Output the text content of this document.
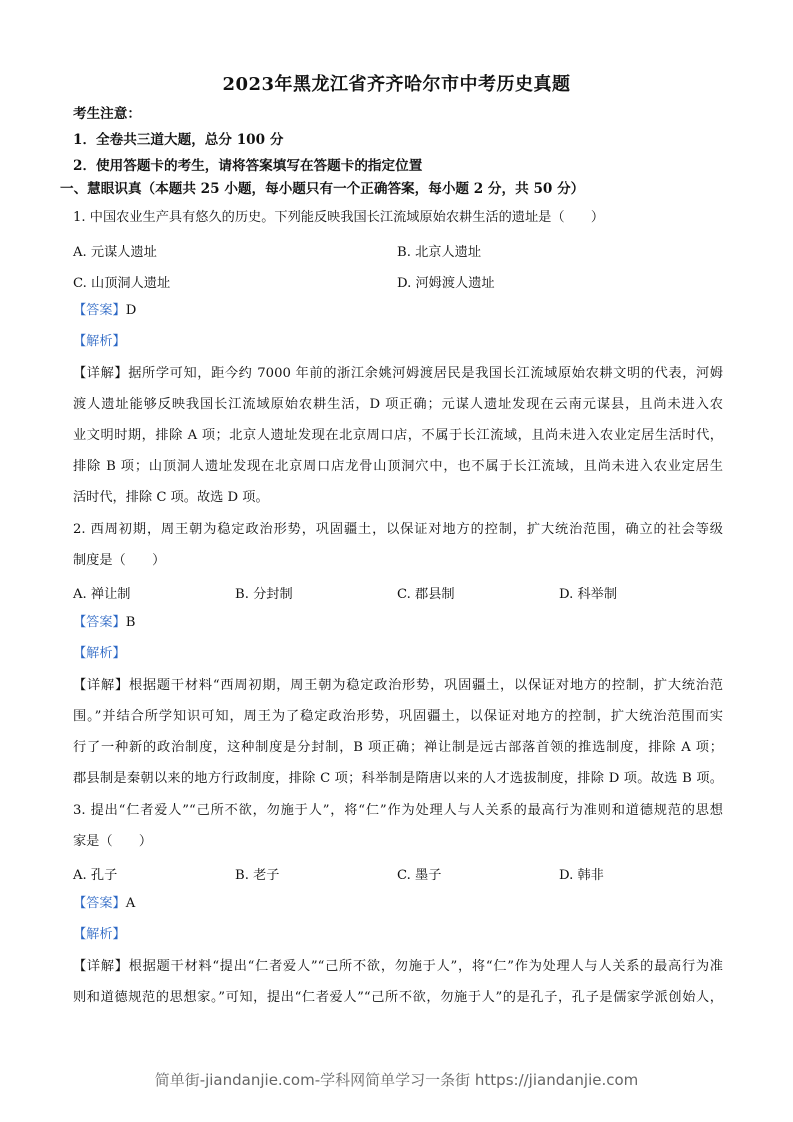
2023年黑龙江省齐齐哈尔市中考历史真题
考生注意：
1．全卷共三道大题，总分 100 分
2．使用答题卡的考生，请将答案填写在答题卡的指定位置
一、慧眼识真（本题共 25 小题，每小题只有一个正确答案，每小题 2 分，共 50 分）
1. 中国农业生产具有悠久的历史。下列能反映我国长江流域原始农耕生活的遗址是（　　）
A. 元谋人遗址	B. 北京人遗址
C. 山顶洞人遗址	D. 河姆渡人遗址
【答案】D
【解析】
【详解】据所学可知，距今约 7000 年前的浙江余姚河姆渡居民是我国长江流域原始农耕文明的代表，河姆
渡人遗址能够反映我国长江流域原始农耕生活，D 项正确；元谋人遗址发现在云南元谋县，且尚未进入农
业文明时期，排除 A 项；北京人遗址发现在北京周口店，不属于长江流域，且尚未进入农业定居生活时代，
排除 B 项；山顶洞人遗址发现在北京周口店龙骨山顶洞穴中，也不属于长江流域，且尚未进入农业定居生
活时代，排除 C 项。故选 D 项。
2. 西周初期，周王朝为稳定政治形势，巩固疆土，以保证对地方的控制，扩大统治范围，确立的社会等级
制度是（　　）
A. 禅让制	B. 分封制	C. 郡县制	D. 科举制
【答案】B
【解析】
【详解】根据题干材料“西周初期，周王朝为稳定政治形势，巩固疆土，以保证对地方的控制，扩大统治范
围。”并结合所学知识可知，周王为了稳定政治形势，巩固疆土，以保证对地方的控制，扩大统治范围而实
行了一种新的政治制度，这种制度是分封制，B 项正确；禅让制是远古部落首领的推选制度，排除 A 项；
郡县制是秦朝以来的地方行政制度，排除 C 项；科举制是隋唐以来的人才选拔制度，排除 D 项。故选 B 项。
3. 提出“仁者爱人”“己所不欲，勿施于人”，将“仁”作为处理人与人关系的最高行为准则和道德规范的思想
家是（　　）
A. 孔子	B. 老子	C. 墨子	D. 韩非
【答案】A
【解析】
【详解】根据题干材料“提出“仁者爱人”“己所不欲，勿施于人”，将“仁”作为处理人与人关系的最高行为准
则和道德规范的思想家。”可知，提出“仁者爱人”“己所不欲，勿施于人”的是孔子，孔子是儒家学派创始人，
简单街-jiandanjie.com-学科网简单学习一条街 https://jiandanjie.com
